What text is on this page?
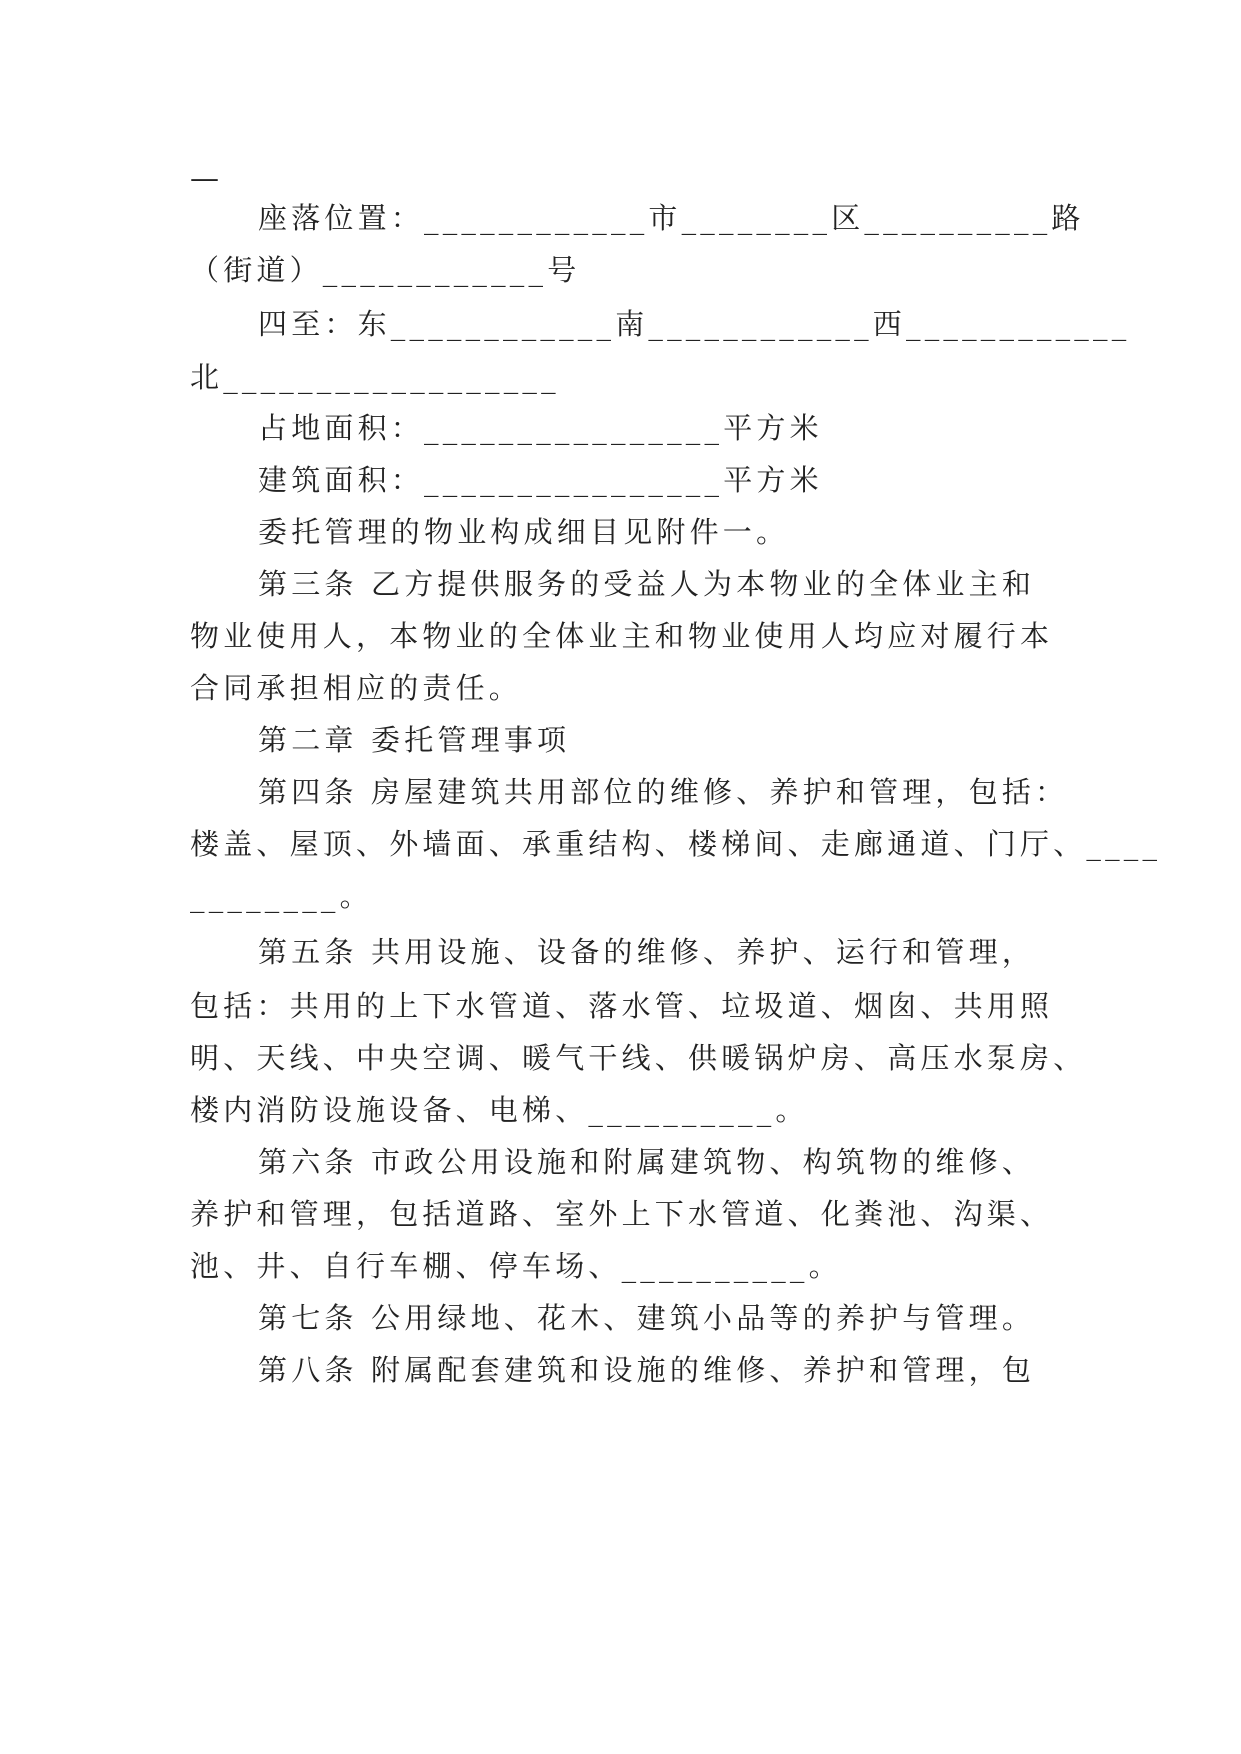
—
座落位置：____________市________区__________路
（街道）____________号
四至：东____________南____________西____________
北__________________
占地面积：________________平方米
建筑面积：________________平方米
委托管理的物业构成细目见附件一。
第三条 乙方提供服务的受益人为本物业的全体业主和
物业使用人，本物业的全体业主和物业使用人均应对履行本
合同承担相应的责任。
第二章 委托管理事项
第四条 房屋建筑共用部位的维修、养护和管理，包括：
楼盖、屋顶、外墙面、承重结构、楼梯间、走廊通道、门厅、____
________。
第五条 共用设施、设备的维修、养护、运行和管理，
包括：共用的上下水管道、落水管、垃圾道、烟囱、共用照
明、天线、中央空调、暖气干线、供暖锅炉房、高压水泵房、
楼内消防设施设备、电梯、__________。
第六条 市政公用设施和附属建筑物、构筑物的维修、
养护和管理，包括道路、室外上下水管道、化粪池、沟渠、
池、井、自行车棚、停车场、__________。
第七条 公用绿地、花木、建筑小品等的养护与管理。
第八条 附属配套建筑和设施的维修、养护和管理，包
